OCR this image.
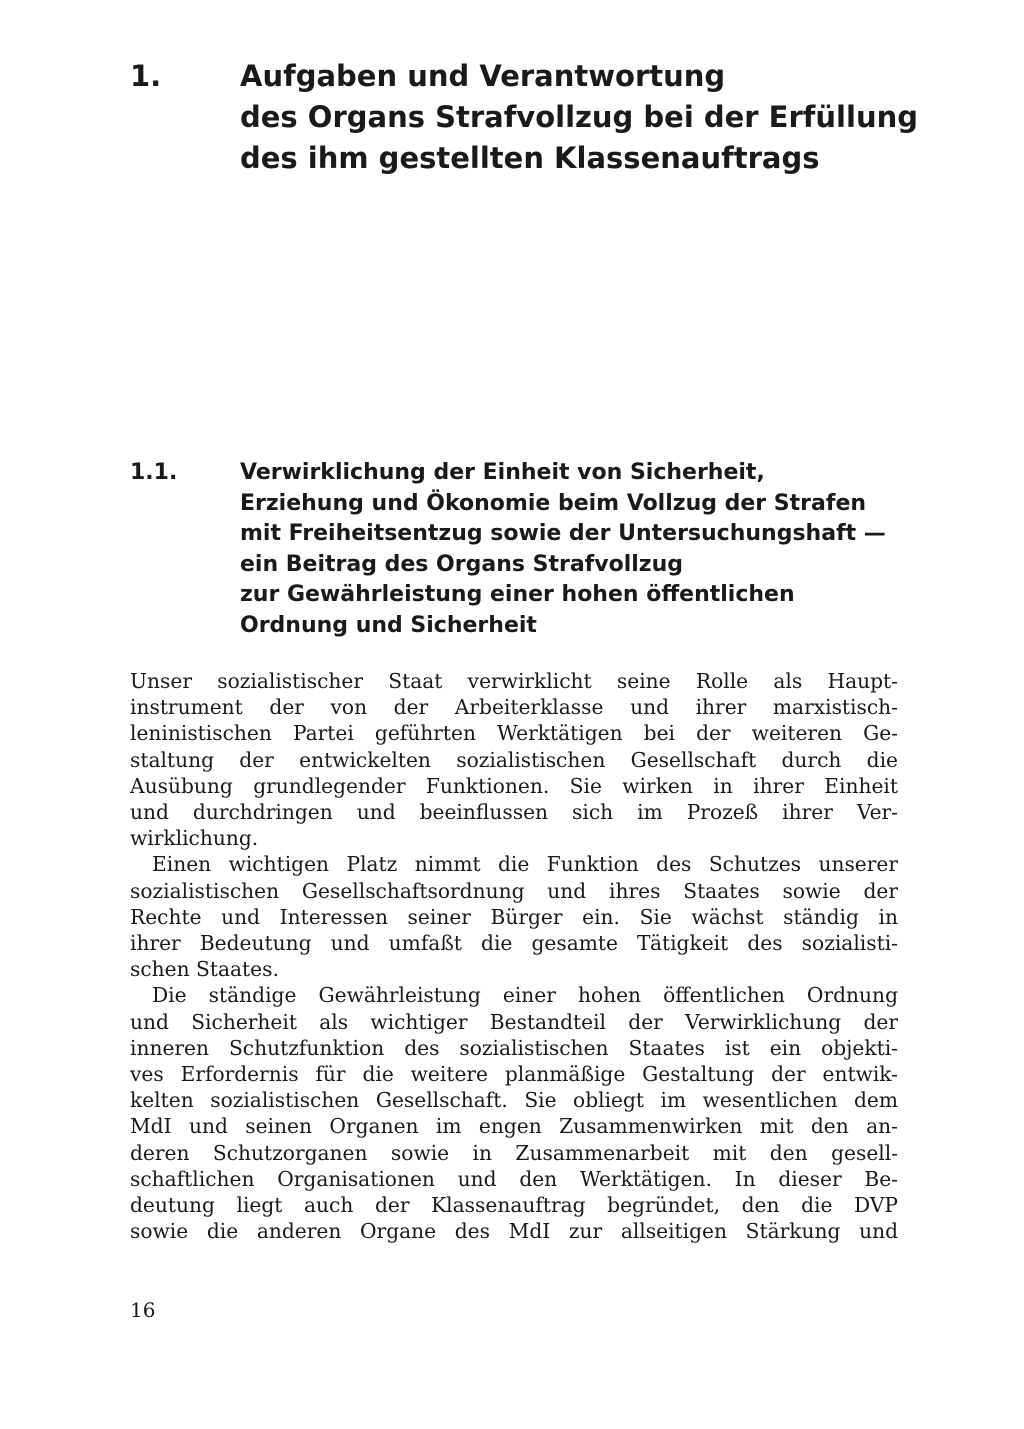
1.	Aufgaben und Verantwortung
des Organs Strafvollzug bei der Erfüllung
des ihm gestellten Klassenauftrags
1.1.	Verwirklichung der Einheit von Sicherheit,
Erziehung und Ökonomie beim Vollzug der Strafen
mit Freiheitsentzug sowie der Untersuchungshaft —
ein Beitrag des Organs Strafvollzug
zur Gewährleistung einer hohen öffentlichen
Ordnung und Sicherheit
Unser sozialistischer Staat verwirklicht seine Rolle als Haupt-
instrument der von der Arbeiterklasse und ihrer marxistisch-
leninistischen Partei geführten Werktätigen bei der weiteren Ge-
staltung der entwickelten sozialistischen Gesellschaft durch die
Ausübung grundlegender Funktionen. Sie wirken in ihrer Einheit
und durchdringen und beeinflussen sich im Prozeß ihrer Ver-
wirklichung.
Einen wichtigen Platz nimmt die Funktion des Schutzes unserer
sozialistischen Gesellschaftsordnung und ihres Staates sowie der
Rechte und Interessen seiner Bürger ein. Sie wächst ständig in
ihrer Bedeutung und umfaßt die gesamte Tätigkeit des sozialisti-
schen Staates.
Die ständige Gewährleistung einer hohen öffentlichen Ordnung
und Sicherheit als wichtiger Bestandteil der Verwirklichung der
inneren Schutzfunktion des sozialistischen Staates ist ein objekti-
ves Erfordernis für die weitere planmäßige Gestaltung der entwik-
kelten sozialistischen Gesellschaft. Sie obliegt im wesentlichen dem
MdI und seinen Organen im engen Zusammenwirken mit den an-
deren Schutzorganen sowie in Zusammenarbeit mit den gesell-
schaftlichen Organisationen und den Werktätigen. In dieser Be-
deutung liegt auch der Klassenauftrag begründet, den die DVP
sowie die anderen Organe des MdI zur allseitigen Stärkung und
16
